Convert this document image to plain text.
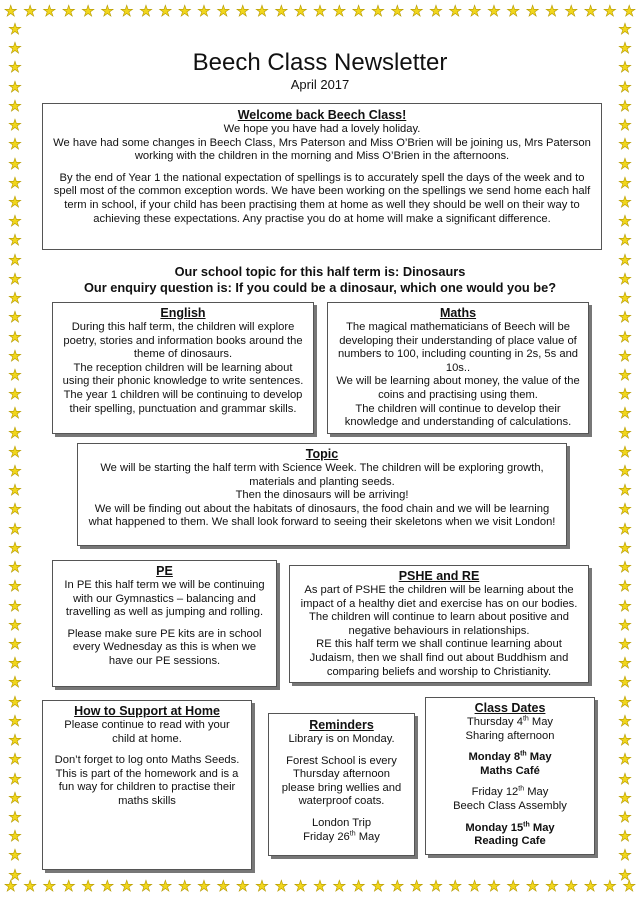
★ ★ ★ ★ ★ ★ ★ ★ ★ ★ ★ ★ ★ ★ ★ ★ ★ ★ ★ ★ ★ ★ ★ ★ ★ ★ ★ ★ ★ ★ ★ ★ ★
★ ★ ★ ★ ★ ★ ★ ★ ★ ★ ★ ★ ★ ★ ★ ★ ★ ★ ★ ★ ★ ★ ★ ★ ★ ★ ★ ★ ★ ★ ★ ★ ★
★
★
★
★
★
★
★
★
★
★
★
★
★
★
★
★
★
★
★
★
★
★
★
★
★
★
★
★
★
★
★
★
★
★
★
★
★
★
★
★
★
★
★
★
★
★
★
★
★
★
★
★
★
★
★
★
★
★
★
★
★
★
★
★
★
★
★
★
★
★
★
★
★
★
★
★
★
★
★
★
★
★
★
★
★
★
★
★
★
★
Beech Class Newsletter
April 2017
Welcome back Beech Class!

We hope you have had a lovely holiday.

We have had some changes in Beech Class, Mrs Paterson and Miss O’Brien will be joining us, Mrs Paterson working with the children in the morning and Miss O’Brien in the afternoons.

By the end of Year 1 the national expectation of spellings is to accurately spell the days of the week and to spell most of the common exception words. We have been working on the spellings we send home each half term in school, if your child has been practising them at home as well they should be well on their way to achieving these expectations. Any practise you do at home will make a significant difference.

Our school topic for this half term is: Dinosaurs
Our enquiry question is: If you could be a dinosaur, which one would you be?
English

During this half term, the children will explore poetry, stories and information books around the theme of dinosaurs.

The reception children will be learning about using their phonic knowledge to write sentences. The year 1 children will be continuing to develop their spelling, punctuation and grammar skills.

Maths

The magical mathematicians of Beech will be developing their understanding of place value of numbers to 100, including counting in 2s, 5s and 10s..

We will be learning about money, the value of the coins and practising using them.

The children will continue to develop their knowledge and understanding of calculations.

Topic

We will be starting the half term with Science Week. The children will be exploring growth, materials and planting seeds.

Then the dinosaurs will be arriving!

We will be finding out about the habitats of dinosaurs, the food chain and we will be learning what happened to them. We shall look forward to seeing their skeletons when we visit London!

PE

In PE this half term we will be continuing with our Gymnastics – balancing and travelling as well as jumping and rolling.

Please make sure PE kits are in school every Wednesday as this is when we have our PE sessions.

PSHE and RE

As part of PSHE the children will be learning about the impact of a healthy diet and exercise has on our bodies. The children will continue to learn about positive and negative behaviours in relationships.

RE this half term we shall continue learning about Judaism, then we shall find out about Buddhism and comparing beliefs and worship to Christianity.

How to Support at Home

Please continue to read with your child at home.

Don’t forget to log onto Maths Seeds. This is part of the homework and is a fun way for children to practise their maths skills

Reminders

Library is on Monday.

Forest School is every Thursday afternoon please bring wellies and waterproof coats.

London Trip

Friday 26th May

Class Dates

Thursday 4th May

Sharing afternoon

Monday 8th May

Maths Café

Friday 12th May

Beech Class Assembly

Monday 15th May

Reading Cafe
